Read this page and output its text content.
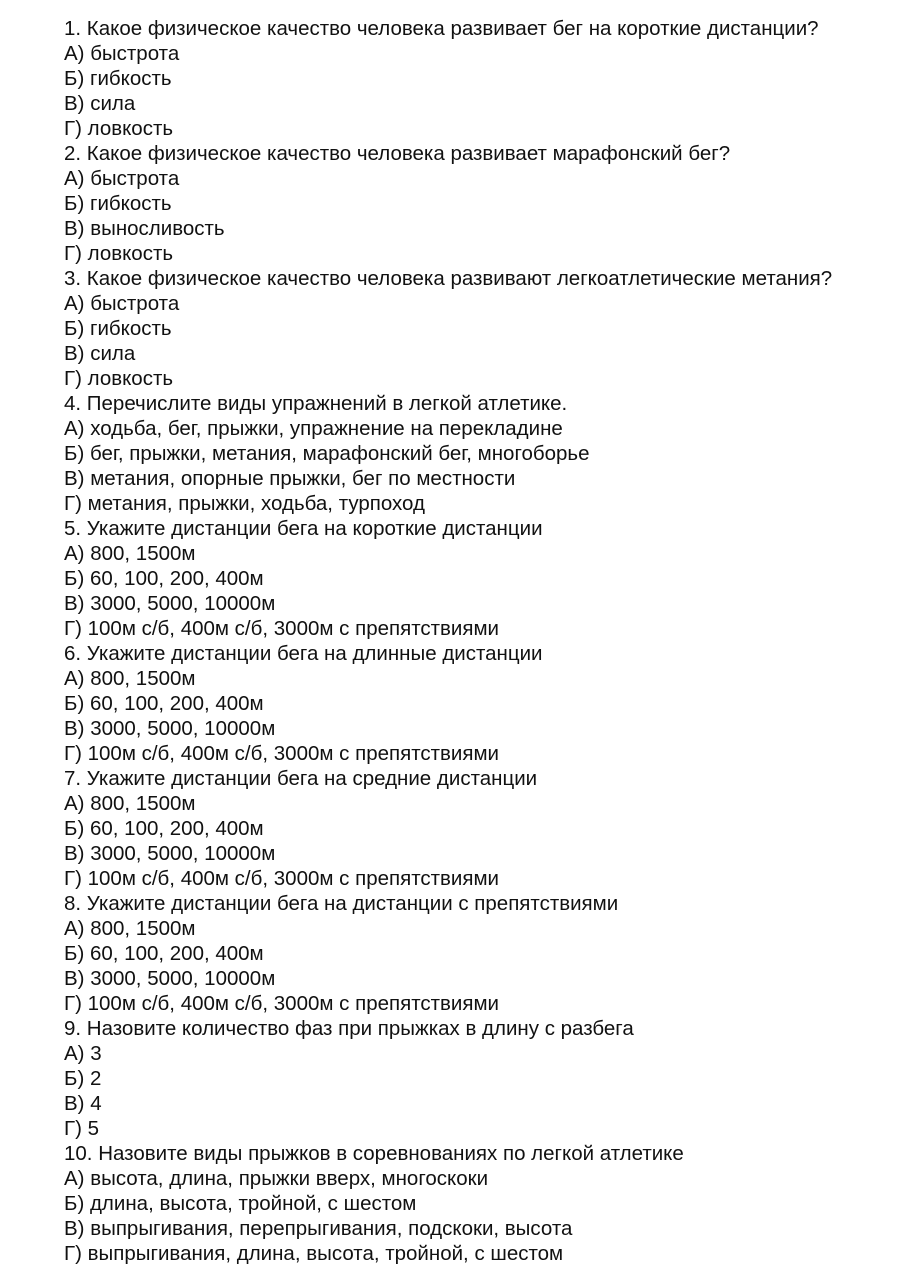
1. Какое физическое качество человека развивает бег на короткие дистанции?
А) быстрота
Б) гибкость
В) сила
Г) ловкость
2. Какое физическое качество человека развивает марафонский бег?
А) быстрота
Б) гибкость
В) выносливость
Г) ловкость
3. Какое физическое качество человека развивают легкоатлетические метания?
А) быстрота
Б) гибкость
В) сила
Г) ловкость
4. Перечислите виды упражнений в легкой атлетике.
А) ходьба, бег, прыжки, упражнение на перекладине
Б) бег, прыжки, метания, марафонский бег, многоборье
В) метания, опорные прыжки, бег по местности
Г) метания, прыжки, ходьба, турпоход
5. Укажите дистанции бега на короткие дистанции
А) 800, 1500м
Б) 60, 100, 200, 400м
В) 3000, 5000, 10000м
Г) 100м с/б, 400м с/б, 3000м с препятствиями
6. Укажите дистанции бега на длинные дистанции
А) 800, 1500м
Б) 60, 100, 200, 400м
В) 3000, 5000, 10000м
Г) 100м с/б, 400м с/б, 3000м с препятствиями
7. Укажите дистанции бега на средние дистанции
А) 800, 1500м
Б) 60, 100, 200, 400м
В) 3000, 5000, 10000м
Г) 100м с/б, 400м с/б, 3000м с препятствиями
8. Укажите дистанции бега на дистанции с препятствиями
А) 800, 1500м
Б) 60, 100, 200, 400м
В) 3000, 5000, 10000м
Г) 100м с/б, 400м с/б, 3000м с препятствиями
9. Назовите количество фаз при прыжках в длину с разбега
А) 3
Б) 2
В) 4
Г) 5
10. Назовите виды прыжков в соревнованиях по легкой атлетике
А) высота, длина, прыжки вверх, многоскоки
Б) длина, высота, тройной, с шестом
В) выпрыгивания, перепрыгивания, подскоки, высота
Г) выпрыгивания, длина, высота, тройной, с шестом
